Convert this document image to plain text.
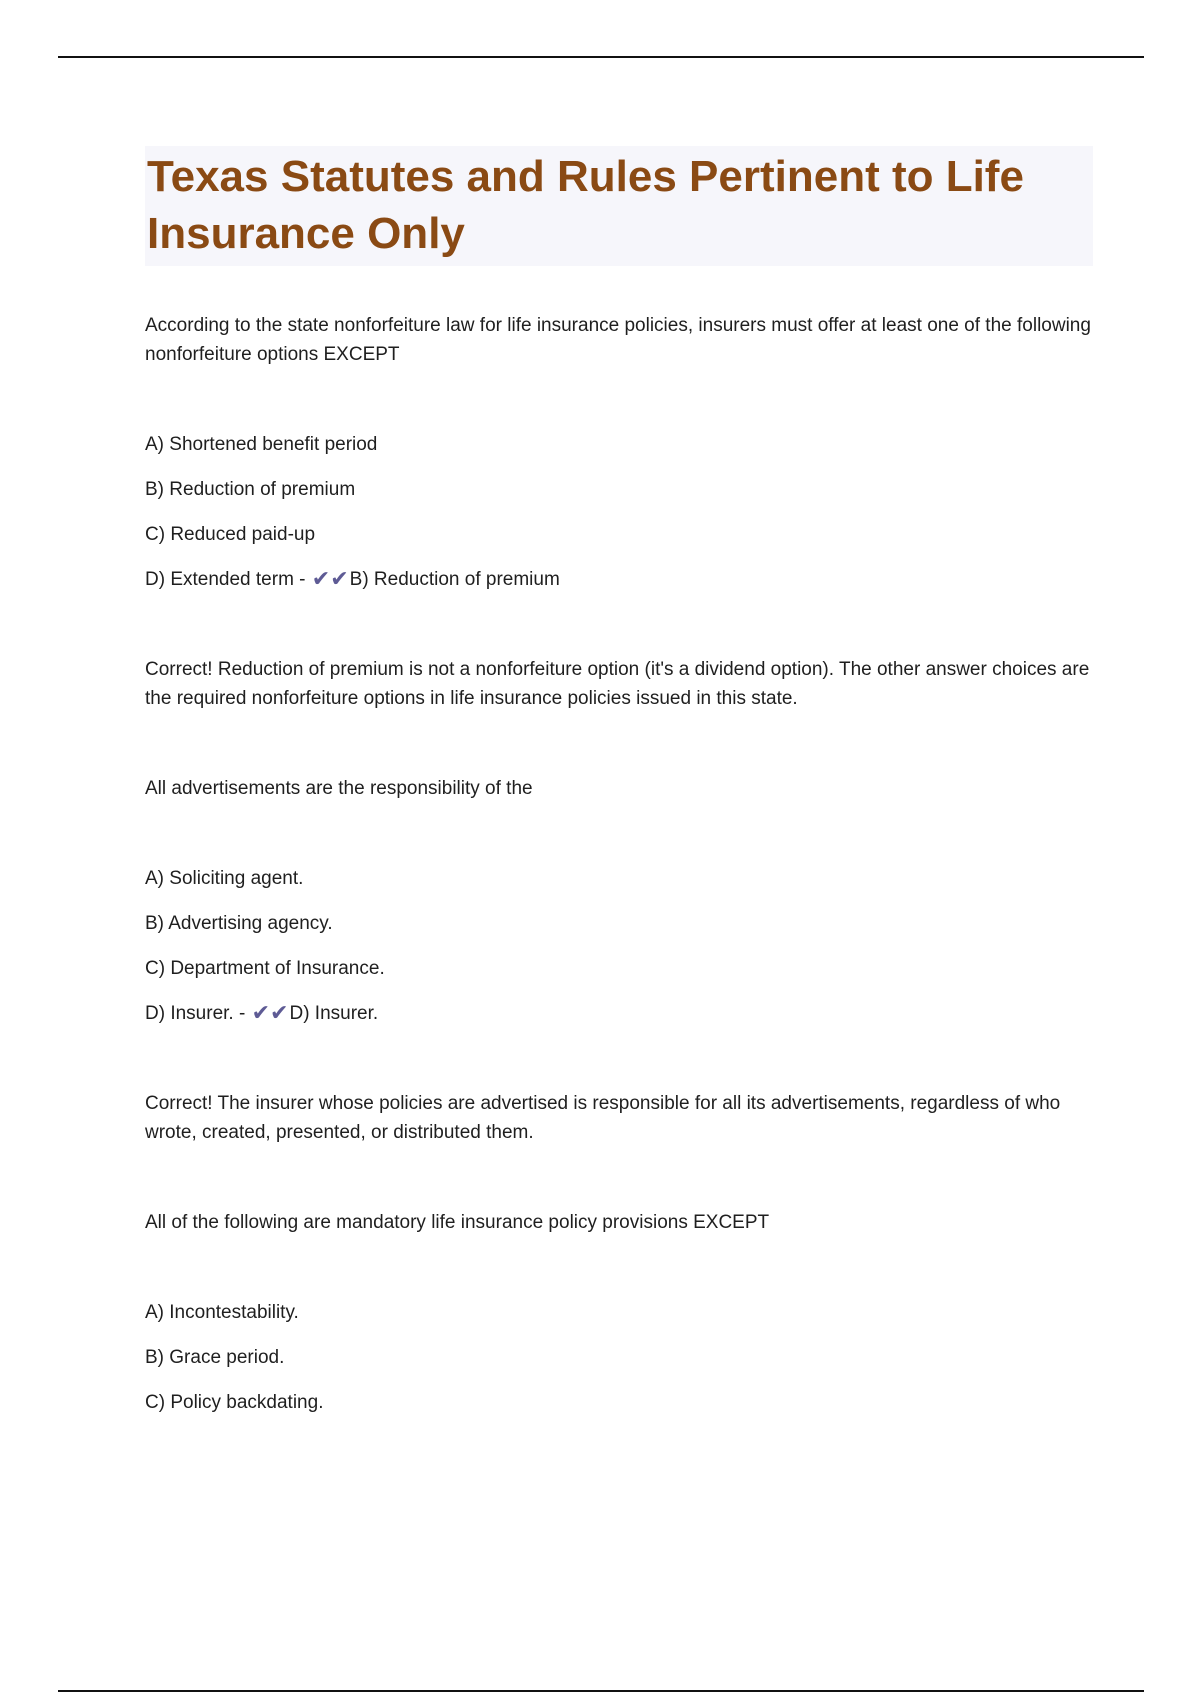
Texas Statutes and Rules Pertinent to Life Insurance Only

According to the state nonforfeiture law for life insurance policies, insurers must offer at least one of the following nonforfeiture options EXCEPT

A) Shortened benefit period
B) Reduction of premium
C) Reduced paid-up
D) Extended term - ✔✔B) Reduction of premium

Correct! Reduction of premium is not a nonforfeiture option (it's a dividend option). The other answer choices are the required nonforfeiture options in life insurance policies issued in this state.

All advertisements are the responsibility of the

A) Soliciting agent.
B) Advertising agency.
C) Department of Insurance.
D) Insurer. - ✔✔D) Insurer.

Correct! The insurer whose policies are advertised is responsible for all its advertisements, regardless of who wrote, created, presented, or distributed them.

All of the following are mandatory life insurance policy provisions EXCEPT

A) Incontestability.
B) Grace period.
C) Policy backdating.
